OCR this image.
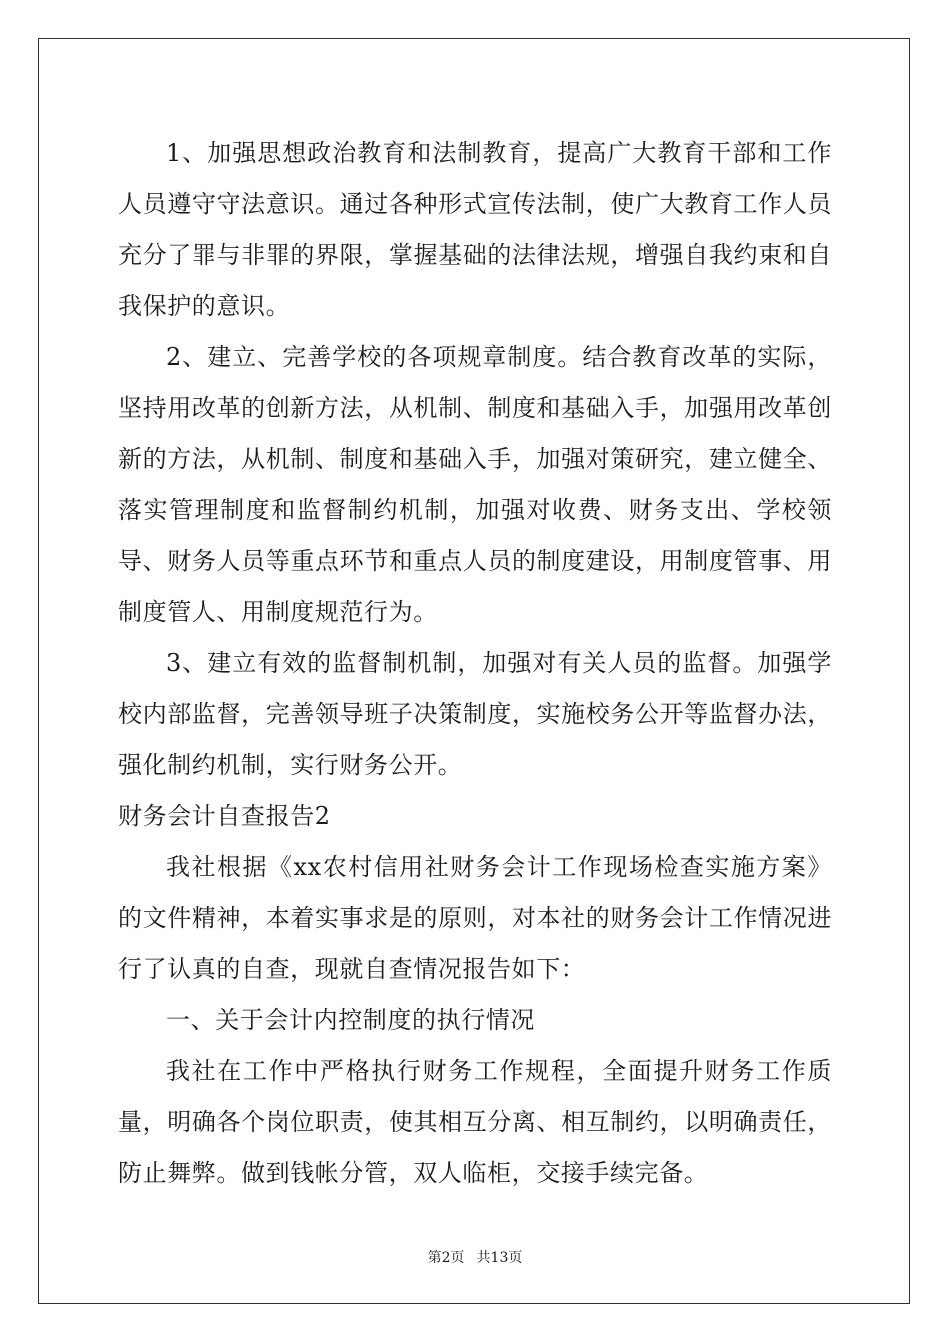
1、加强思想政治教育和法制教育，提高广大教育干部和工作人员遵守守法意识。通过各种形式宣传法制，使广大教育工作人员充分了罪与非罪的界限，掌握基础的法律法规，增强自我约束和自我保护的意识。

2、建立、完善学校的各项规章制度。结合教育改革的实际，坚持用改革的创新方法，从机制、制度和基础入手，加强用改革创新的方法，从机制、制度和基础入手，加强对策研究，建立健全、落实管理制度和监督制约机制，加强对收费、财务支出、学校领导、财务人员等重点环节和重点人员的制度建设，用制度管事、用制度管人、用制度规范行为。

3、建立有效的监督制机制，加强对有关人员的监督。加强学校内部监督，完善领导班子决策制度，实施校务公开等监督办法，强化制约机制，实行财务公开。

财务会计自查报告2

我社根据《xx农村信用社财务会计工作现场检查实施方案》的文件精神，本着实事求是的原则，对本社的财务会计工作情况进行了认真的自查，现就自查情况报告如下：

一、关于会计内控制度的执行情况

我社在工作中严格执行财务工作规程，全面提升财务工作质量，明确各个岗位职责，使其相互分离、相互制约，以明确责任，防止舞弊。做到钱帐分管，双人临柜，交接手续完备。

第2页 共13页
